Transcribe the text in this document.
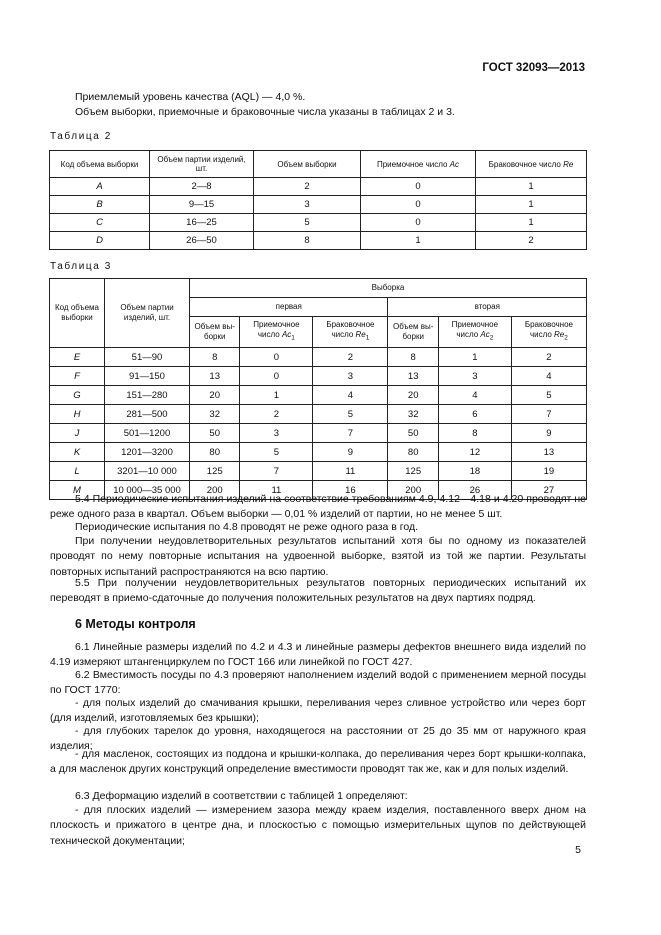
ГОСТ 32093—2013
Приемлемый уровень качества (AQL) — 4,0 %.
Объем выборки, приемочные и браковочные числа указаны в таблицах 2 и 3.
Таблица 2
Код объема выборки	Объем партии изделий, шт.	Объем выборки	Приемочное число Ac	Браковочное число Re
A	2—8	2	0	1
B	9—15	3	0	1
C	16—25	5	0	1
D	26—50	8	1	2
Таблица 3
Код объема выборки	Объем партии изделий, шт.	Выборка					
		первая			вторая		
		Объем вы-борки	Приемочное число $Ac_1$	Браковочное число $Re_1$	Объем вы-борки	Приемочное число $Ac_2$	Браковочное число $Re_2$
E	51—90	8	0	2	8	1	2
F	91—150	13	0	3	13	3	4
G	151—280	20	1	4	20	4	5
H	281—500	32	2	5	32	6	7
J	501—1200	50	3	7	50	8	9
K	1201—3200	80	5	9	80	12	13
L	3201—10 000	125	7	11	125	18	19
M	10 000—35 000	200	11	16	200	26	27
5.4 Периодические испытания изделий на соответствие требованиям 4.9, 4.12—4.18 и 4.20 проводят не реже одного раза в квартал. Объем выборки — 0,01 % изделий от партии, но не менее 5 шт.
Периодические испытания по 4.8 проводят не реже одного раза в год.
При получении неудовлетворительных результатов испытаний хотя бы по одному из показателей проводят по нему повторные испытания на удвоенной выборке, взятой из той же партии. Результаты повторных испытаний распространяются на всю партию.
5.5 При получении неудовлетворительных результатов повторных периодических испытаний их переводят в приемо-сдаточные до получения положительных результатов на двух партиях подряд.
6 Методы контроля
6.1 Линейные размеры изделий по 4.2 и 4.3 и линейные размеры дефектов внешнего вида изделий по 4.19 измеряют штангенциркулем по ГОСТ 166 или линейкой по ГОСТ 427.
6.2 Вместимость посуды по 4.3 проверяют наполнением изделий водой с применением мерной посуды по ГОСТ 1770:
- для полых изделий до смачивания крышки, переливания через сливное устройство или через борт (для изделий, изготовляемых без крышки);
- для глубоких тарелок до уровня, находящегося на расстоянии от 25 до 35 мм от наружного края изделия;
- для масленок, состоящих из поддона и крышки-колпака, до переливания через борт крышки-колпака, а для масленок других конструкций определение вместимости проводят так же, как и для полых изделий.
6.3 Деформацию изделий в соответствии с таблицей 1 определяют:
- для плоских изделий — измерением зазора между краем изделия, поставленного вверх дном на плоскость и прижатого в центре дна, и плоскостью с помощью измерительных щупов по действующей технической документации;
5
